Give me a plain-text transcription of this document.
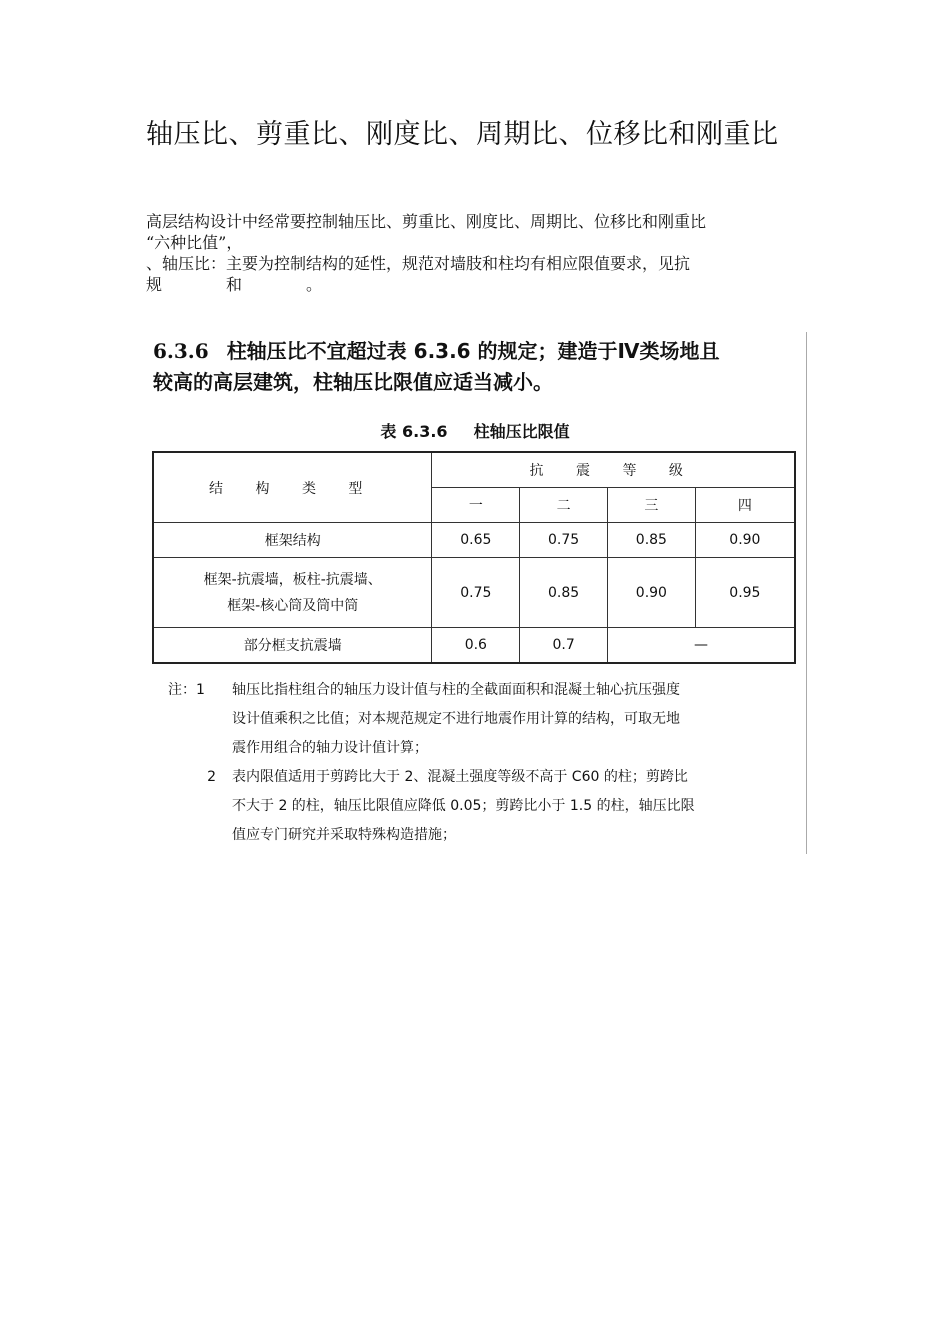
轴压比、剪重比、刚度比、周期比、位移比和刚重比
高层结构设计中经常要控制轴压比、剪重比、刚度比、周期比、位移比和刚重比
“六种比值”，
、轴压比：主要为控制结构的延性，规范对墙肢和柱均有相应限值要求，见抗
规	和	。
6.3.6 柱轴压比不宜超过表 6.3.6 的规定；建造于Ⅳ类场地且
较高的高层建筑，柱轴压比限值应适当减小。
表 6.3.6 柱轴压比限值
结 构 类 型	抗 震 等 级			
	一	二	三	四
框架结构	0.65	0.75	0.85	0.90

框架-抗震墙，板柱-抗震墙、
框架-核心筒及筒中筒	0.75	0.85	0.90	0.95
部分框支抗震墙	0.6	0.7	—	
注：1 轴压比指柱组合的轴压力设计值与柱的全截面面积和混凝土轴心抗压强度
设计值乘积之比值；对本规范规定不进行地震作用计算的结构，可取无地
震作用组合的轴力设计值计算；
2 表内限值适用于剪跨比大于 2、混凝土强度等级不高于 C60 的柱；剪跨比
不大于 2 的柱，轴压比限值应降低 0.05；剪跨比小于 1.5 的柱，轴压比限
值应专门研究并采取特殊构造措施；
